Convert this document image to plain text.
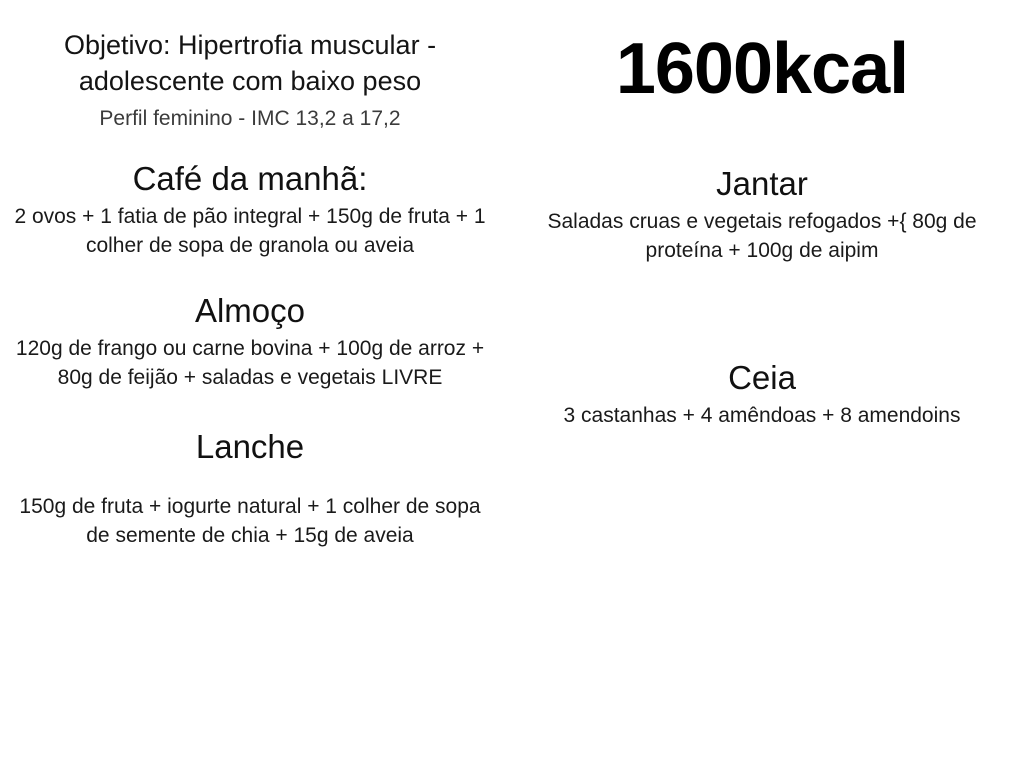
Objetivo: Hipertrofia muscular - adolescente com baixo peso

Perfil feminino - IMC 13,2 a 17,2

Café da manhã:

2 ovos + 1 fatia de pão integral + 150g de fruta + 1 colher de sopa de granola ou aveia

Almoço

120g de frango ou carne bovina + 100g de arroz + 80g de feijão + saladas e vegetais LIVRE

Lanche

150g de fruta + iogurte natural + 1 colher de sopa de semente de chia + 15g de aveia

1600kcal

Jantar

Saladas cruas e vegetais refogados +{ 80g de proteína + 100g de aipim

Ceia

3 castanhas + 4 amêndoas + 8 amendoins
